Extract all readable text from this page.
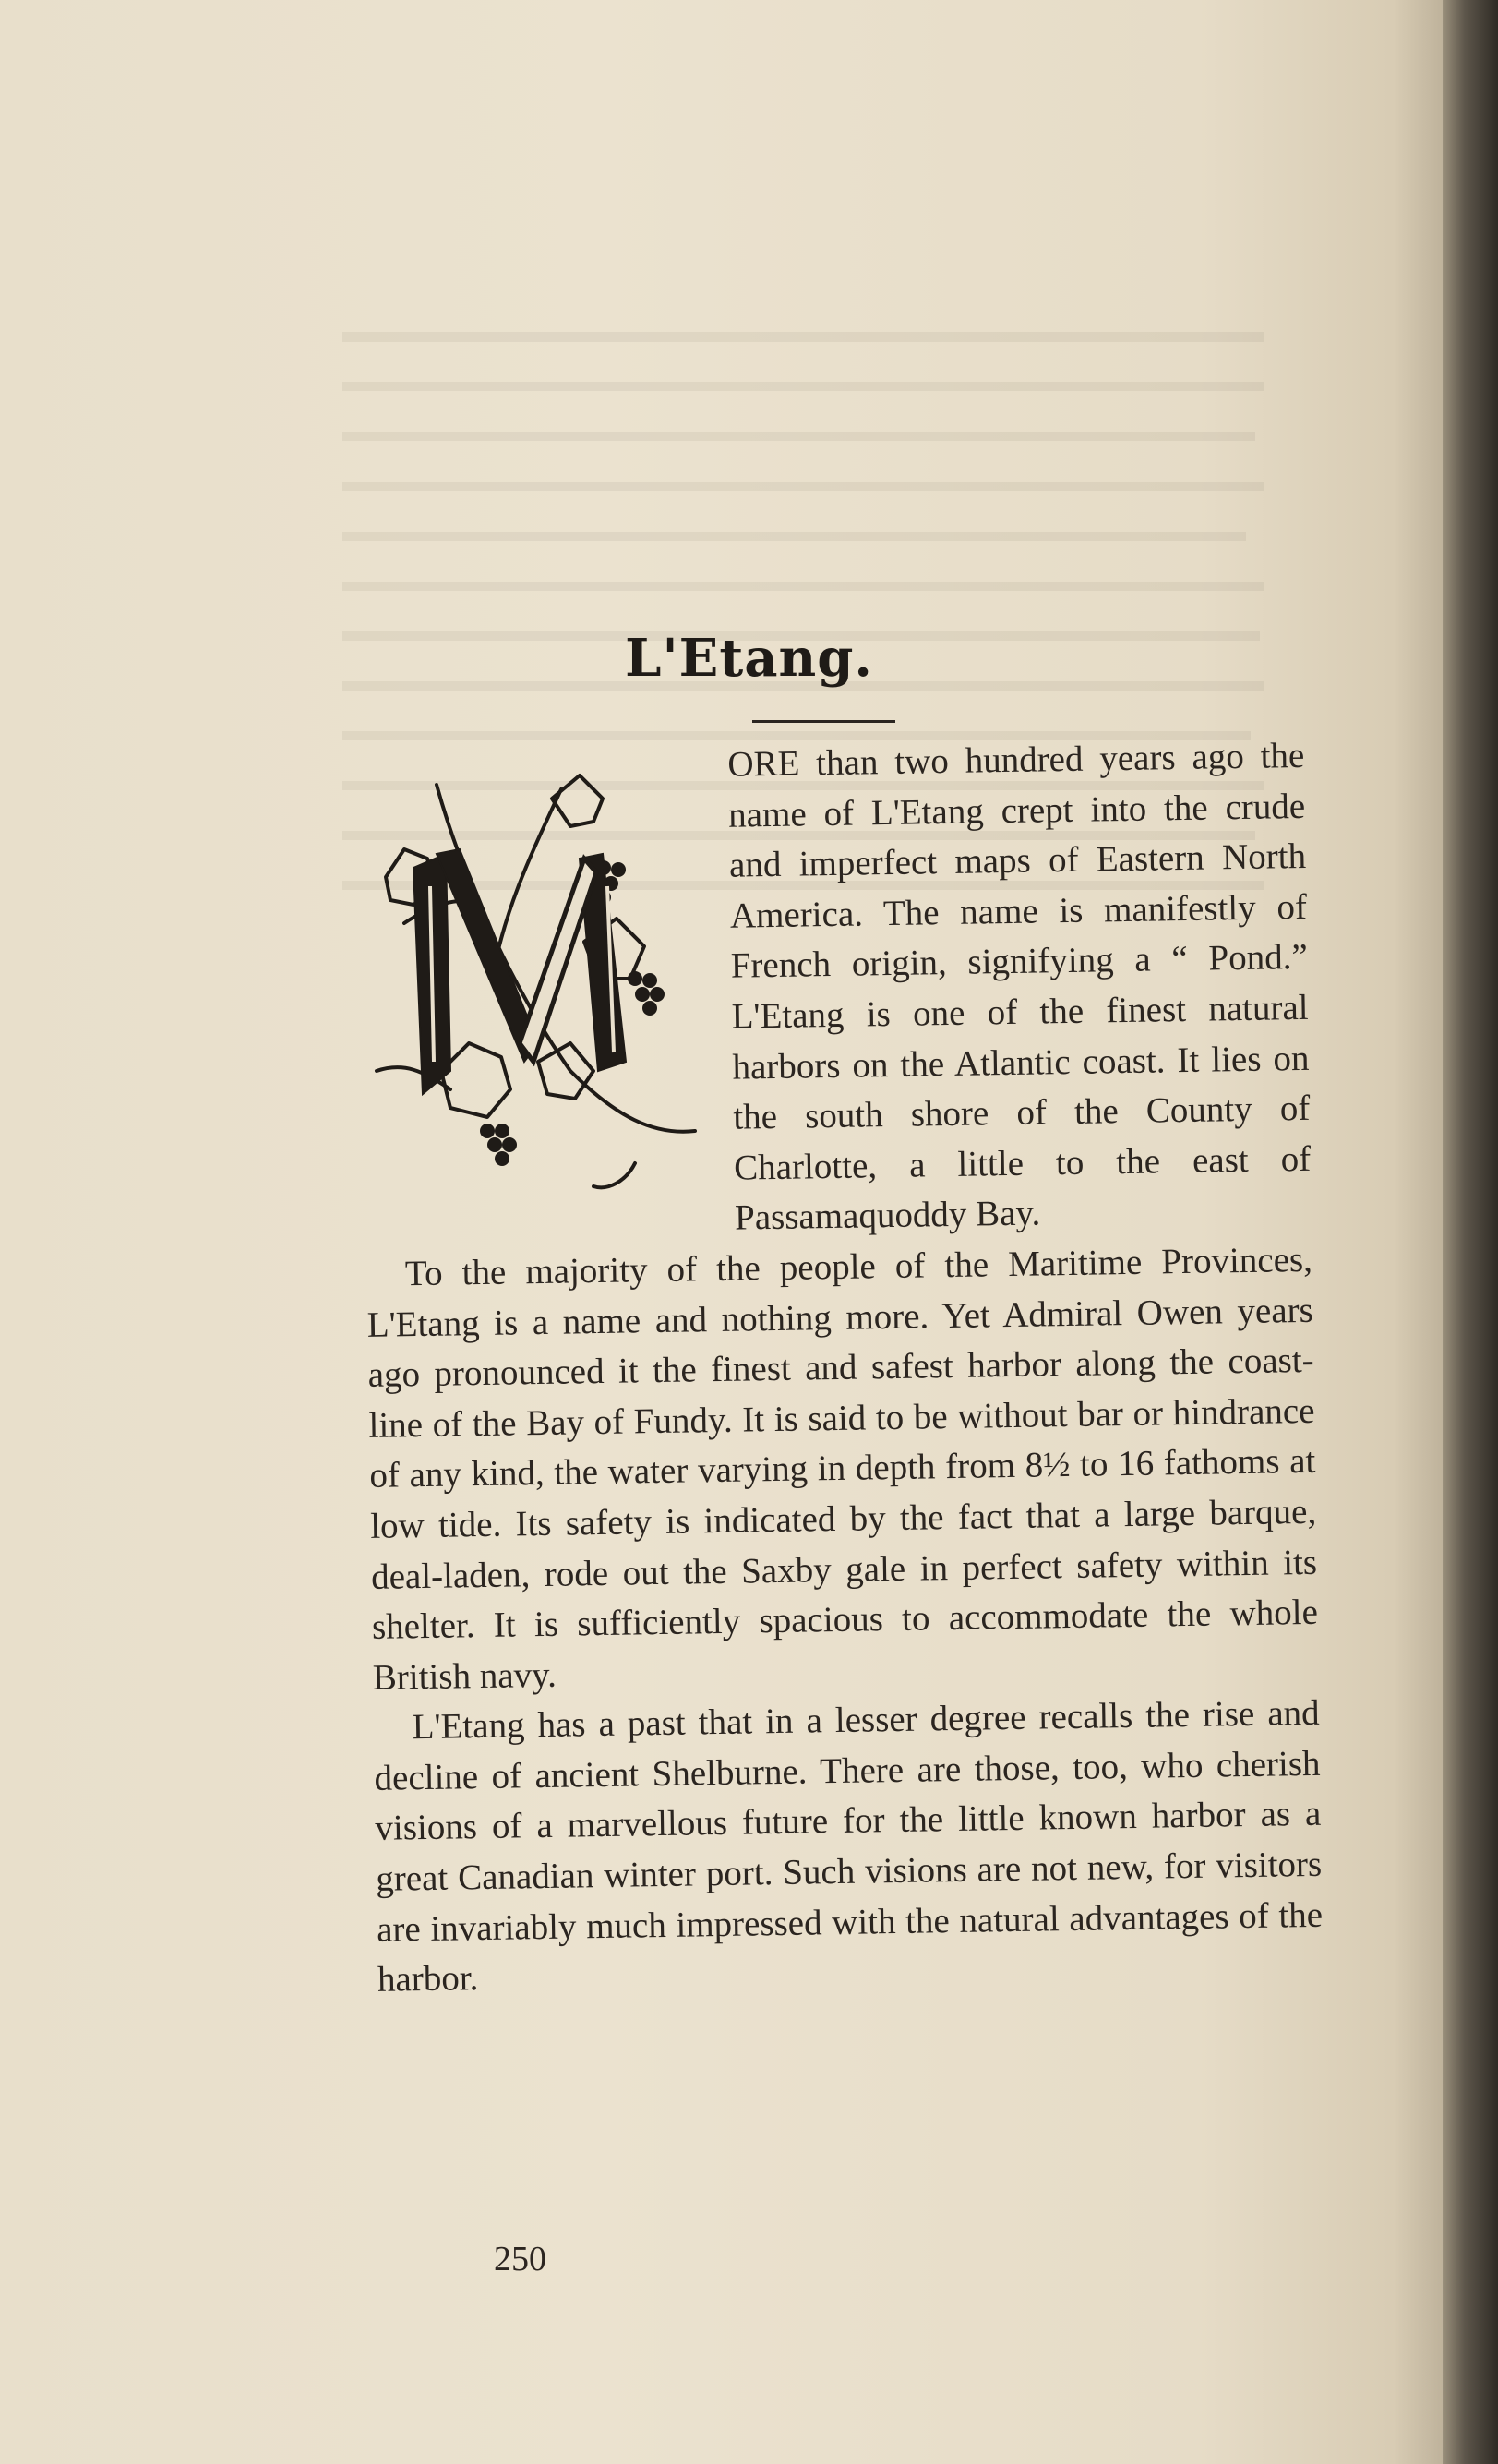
L'Etang.

ORE than two hundred years ago the name of L'Etang crept into the crude and imperfect maps of Eastern North America. The name is manifestly of French origin, signifying a “ Pond.” L'Etang is one of the finest natural harbors on the Atlantic coast. It lies on the south shore of the County of Charlotte, a little to the east of Passamaquoddy Bay.

To the majority of the people of the Maritime Provinces, L'Etang is a name and nothing more. Yet Admiral Owen years ago pronounced it the finest and safest harbor along the coast-line of the Bay of Fundy. It is said to be without bar or hindrance of any kind, the water varying in depth from 8½ to 16 fathoms at low tide. Its safety is indicated by the fact that a large barque, deal-laden, rode out the Saxby gale in perfect safety within its shelter. It is sufficiently spacious to accommodate the whole British navy.

L'Etang has a past that in a lesser degree recalls the rise and decline of ancient Shelburne. There are those, too, who cherish visions of a marvellous future for the little known harbor as a great Canadian winter port. Such visions are not new, for visitors are invariably much impressed with the natural advantages of the harbor.

250
